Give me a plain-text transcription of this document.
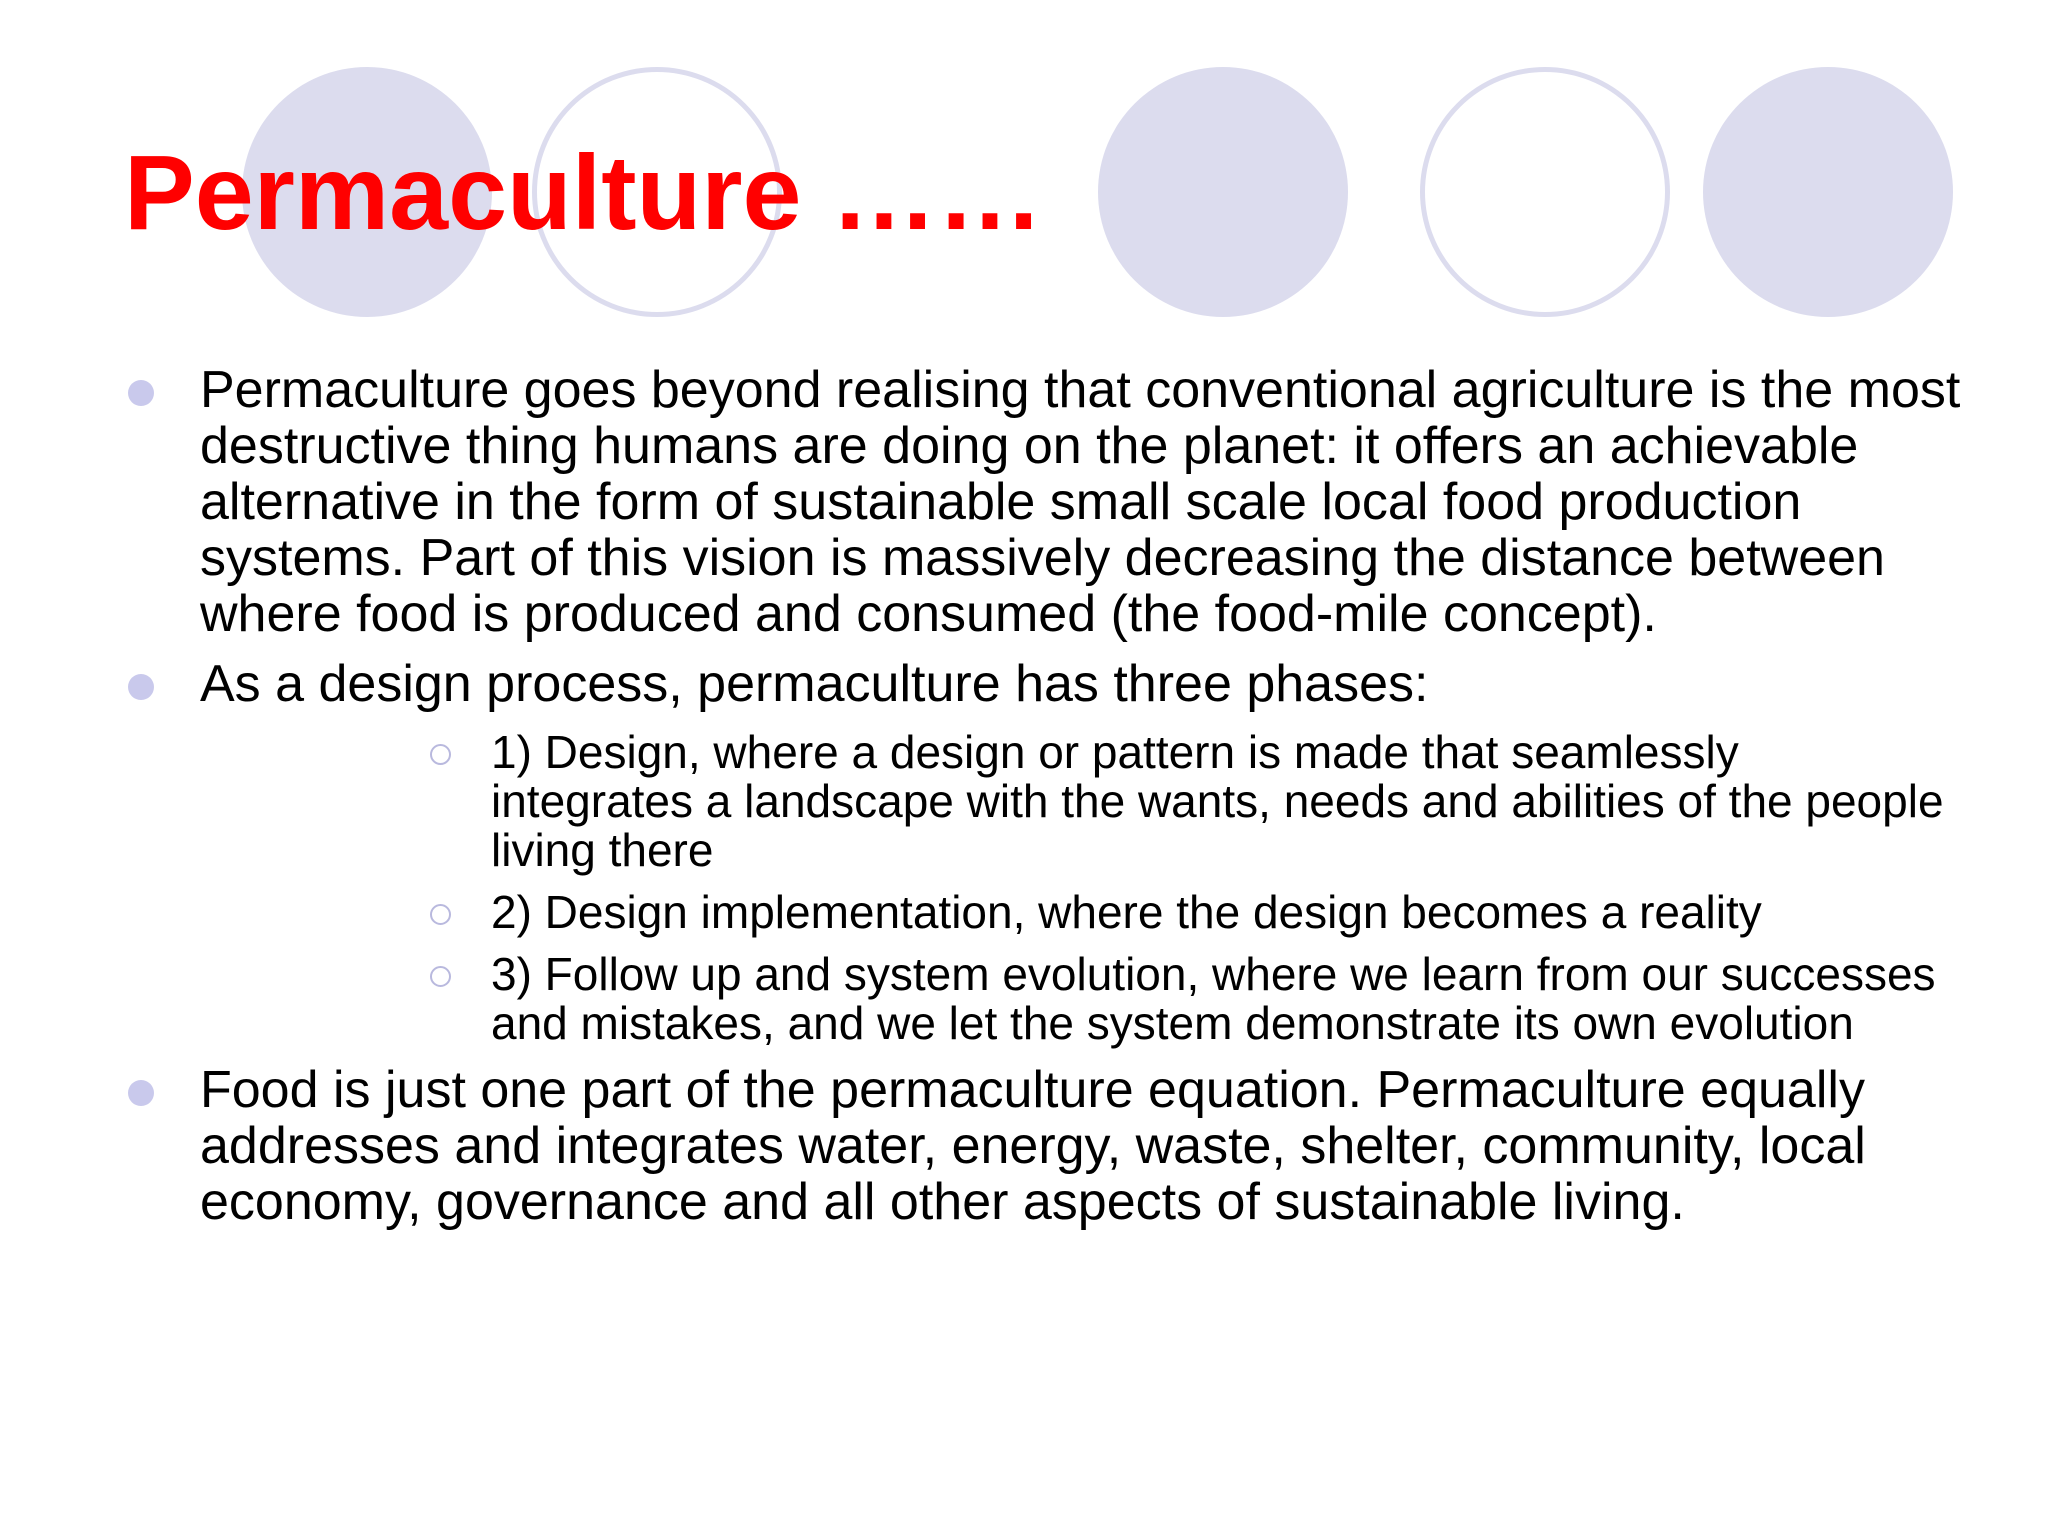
Permaculture ……
Permaculture goes beyond realising that conventional agriculture is the most destructive thing humans are doing on the planet: it offers an achievable alternative in the form of sustainable small scale local food production systems. Part of this vision is massively decreasing the distance between where food is produced and consumed (the food-mile concept).
As a design process, permaculture has three phases:
1) Design, where a design or pattern is made that seamlessly integrates a landscape with the wants, needs and abilities of the people living there
2) Design implementation, where the design becomes a reality
3) Follow up and system evolution, where we learn from our successes and mistakes, and we let the system demonstrate its own evolution
Food is just one part of the permaculture equation. Permaculture equally addresses and integrates water, energy, waste, shelter, community, local economy, governance and all other aspects of sustainable living.
